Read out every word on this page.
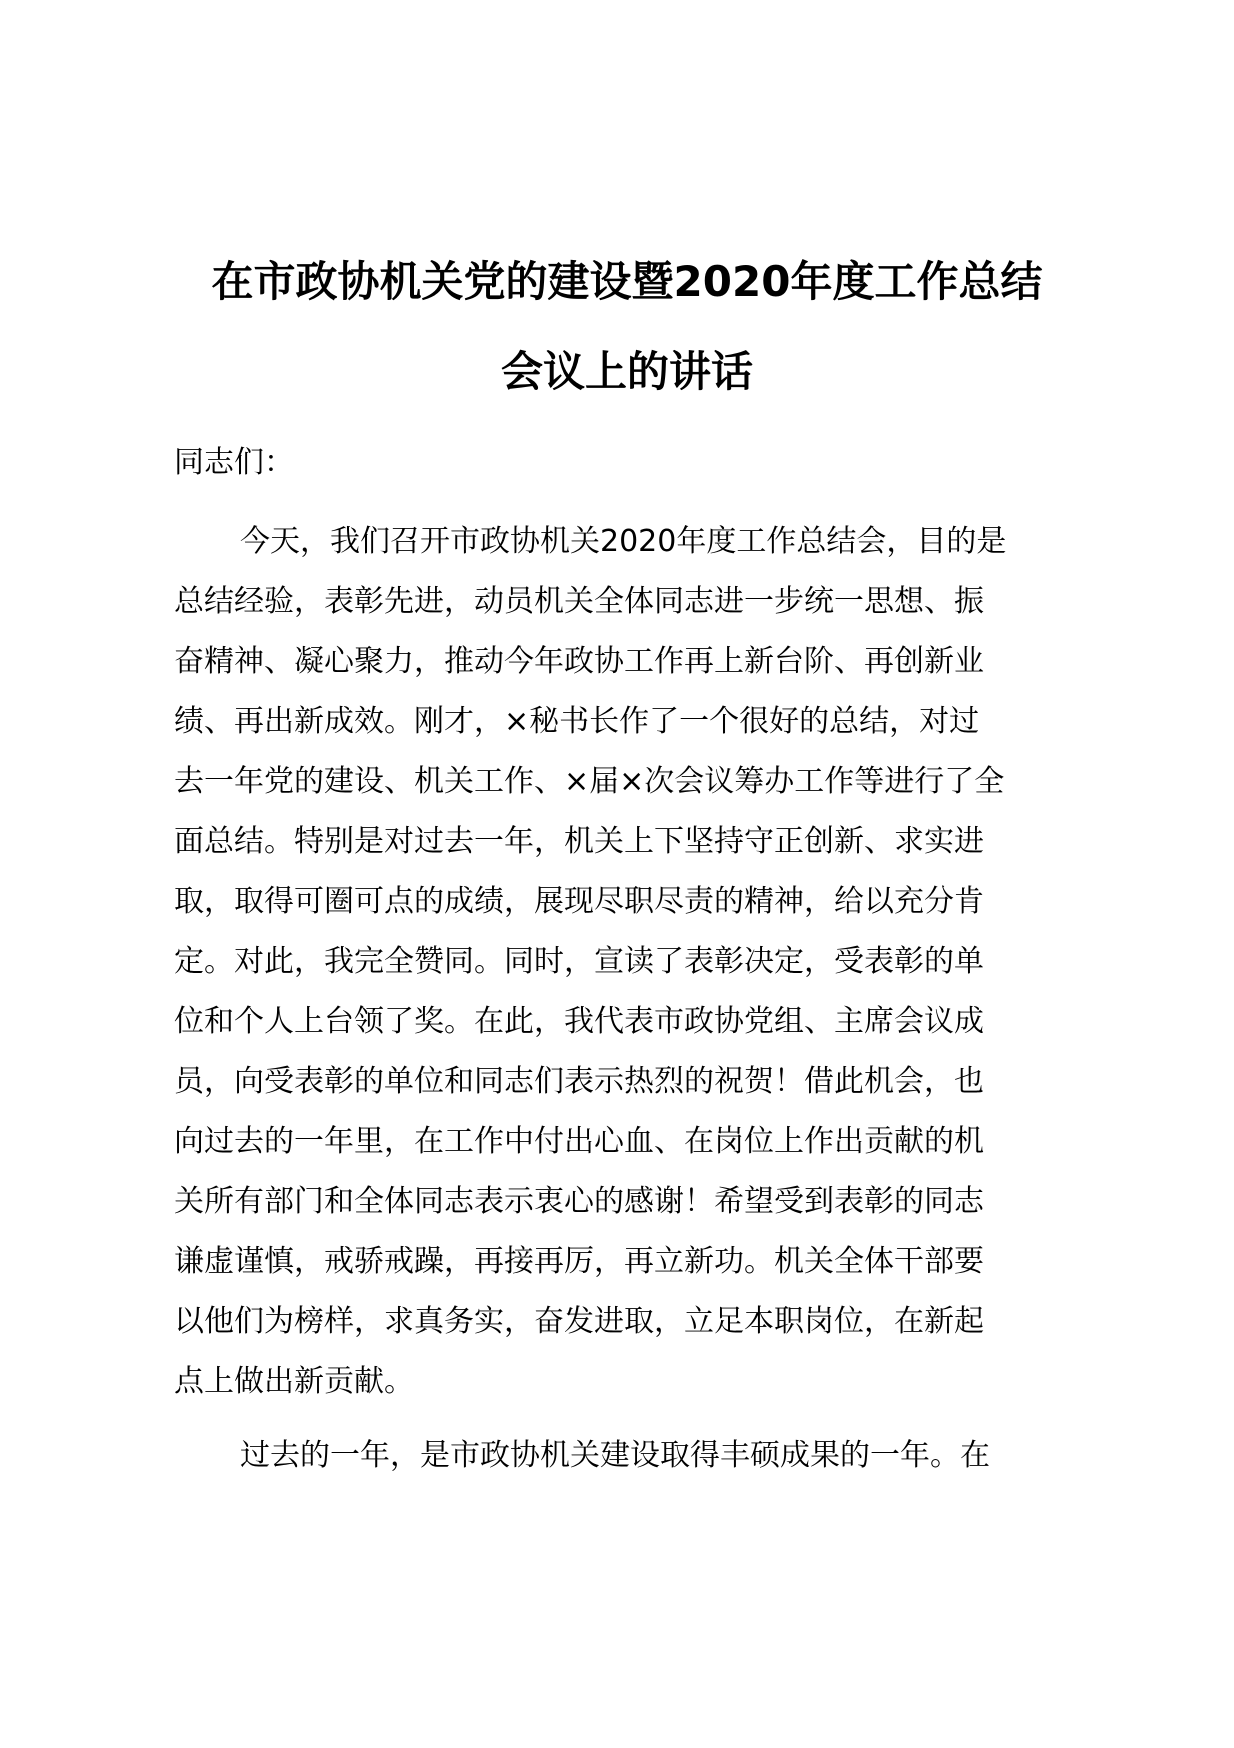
在市政协机关党的建设暨2020年度工作总结
会议上的讲话

同志们：

今天，我们召开市政协机关2020年度工作总结会，目的是
总结经验，表彰先进，动员机关全体同志进一步统一思想、振
奋精神、凝心聚力，推动今年政协工作再上新台阶、再创新业
绩、再出新成效。刚才，×秘书长作了一个很好的总结，对过
去一年党的建设、机关工作、×届×次会议筹办工作等进行了全
面总结。特别是对过去一年，机关上下坚持守正创新、求实进
取，取得可圈可点的成绩，展现尽职尽责的精神，给以充分肯
定。对此，我完全赞同。同时，宣读了表彰决定，受表彰的单
位和个人上台领了奖。在此，我代表市政协党组、主席会议成
员，向受表彰的单位和同志们表示热烈的祝贺！借此机会，也
向过去的一年里，在工作中付出心血、在岗位上作出贡献的机
关所有部门和全体同志表示衷心的感谢！希望受到表彰的同志
谦虚谨慎，戒骄戒躁，再接再厉，再立新功。机关全体干部要
以他们为榜样，求真务实，奋发进取，立足本职岗位，在新起
点上做出新贡献。
过去的一年，是市政协机关建设取得丰硕成果的一年。在
